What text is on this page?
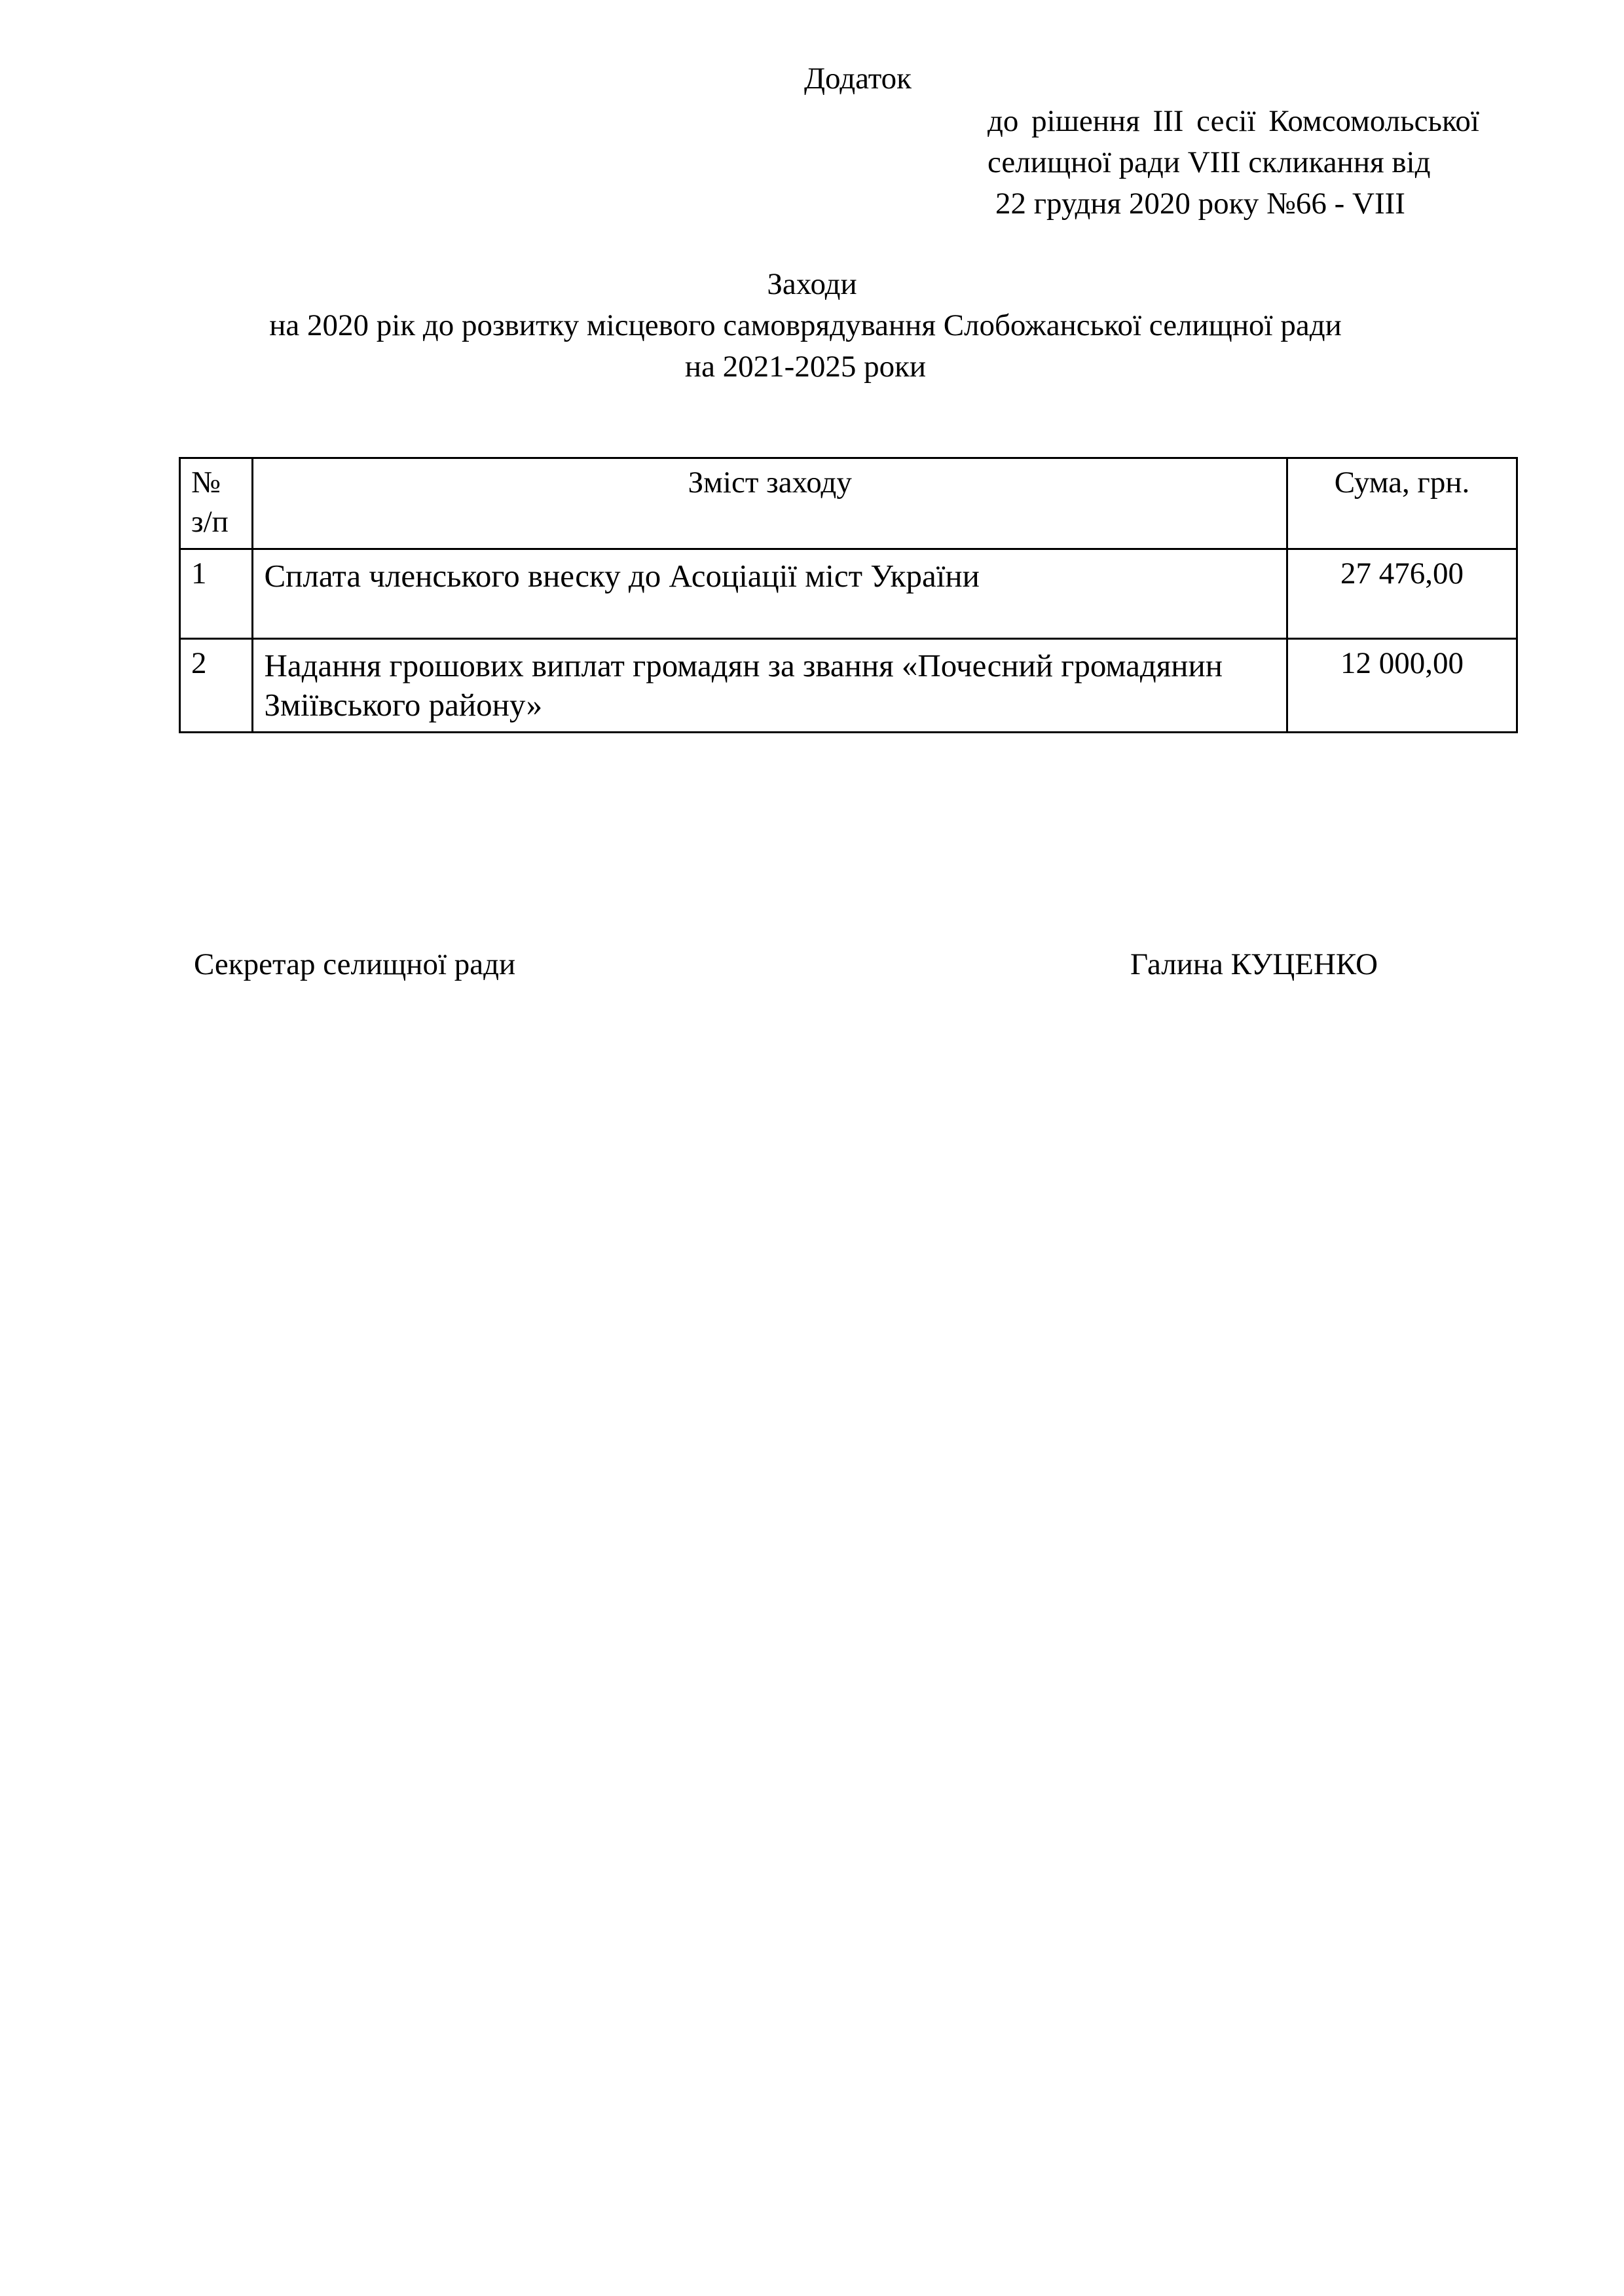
Додаток
до рішення ІІІ сесії Комсомольської
селищної ради VIII скликання від
22 грудня 2020 року №66 - VIII
Заходи
на 2020 рік до розвитку місцевого самоврядування Слобожанської селищної ради
на 2021-2025 роки
№
з/п	Зміст заходу	Сума, грн.
1	Сплата членського внеску до Асоціації міст України	27 476,00
2	Надання грошових виплат громадян за звання «Почесний громадянин Зміївського району»	12 000,00
Секретар селищної ради	Галина КУЦЕНКО
